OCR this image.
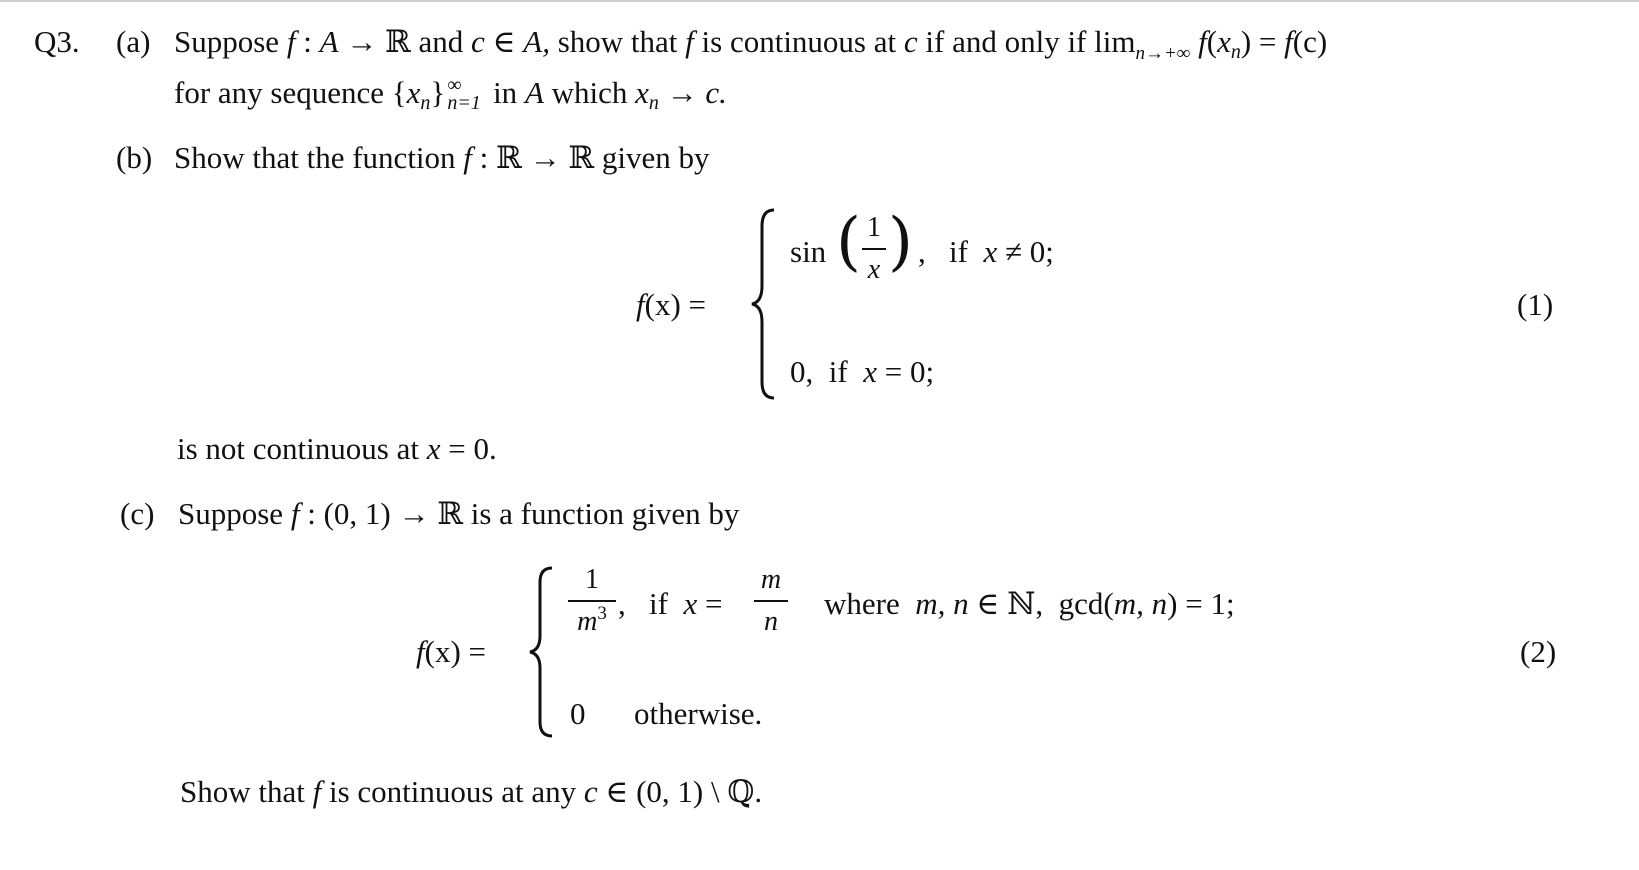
Q3. (a) Suppose f : A → ℝ and c ∈ A, show that f is continuous at c if and only if $\lim_{n\to+\infty} f(xn) = f(c)$
for any sequence {xn} ∞
n=1 in A which xn → c.
(b) Show that the function f : ℝ → ℝ given by
f(x) =
sin ( 1
x ) , if x ≠ 0;
0, if x = 0;
(1)
is not continuous at x = 0.
(c) Suppose f : (0, 1) → ℝ is a function given by
f(x) =
1
$m^3$ , if x =
m
n
where m, n ∈ ℕ, gcd(m, n) = 1;
0 otherwise.
(2)
Show that f is continuous at any c ∈ (0, 1) \ ℚ.
